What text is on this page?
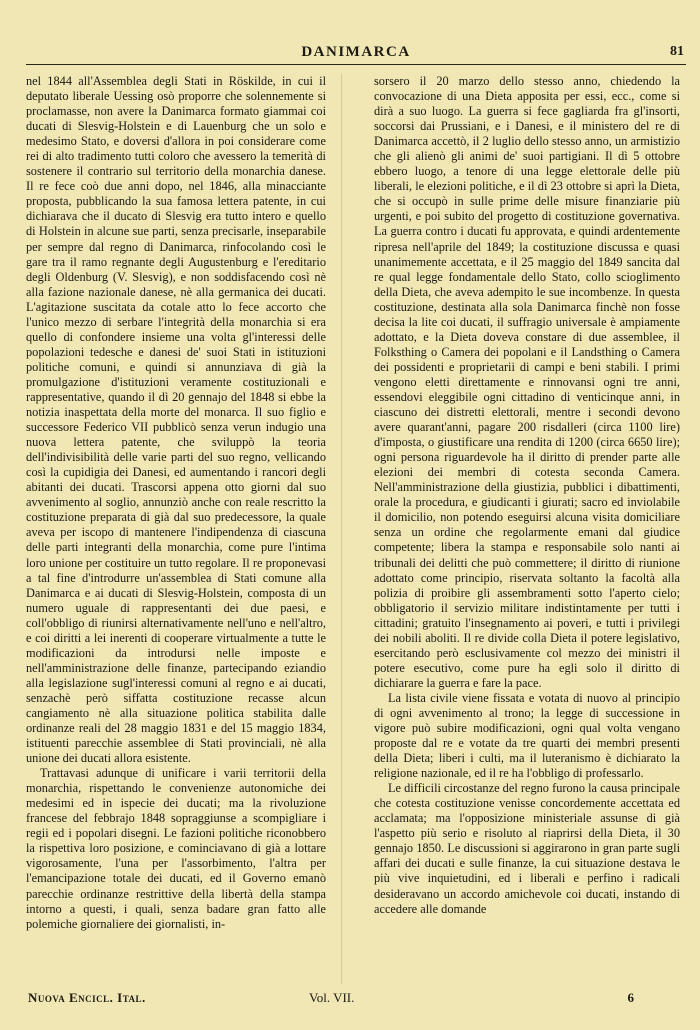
DANIMARCA	81

nel 1844 all'Assemblea degli Stati in Röskilde, in cui il deputato liberale Uessing osò proporre che solennemente si proclamasse, non avere la Danimarca formato giammai coi ducati di Slesvig-Holstein e di Lauenburg che un solo e medesimo Stato, e doversi d'allora in poi considerare come rei di alto tradimento tutti coloro che avessero la temerità di sostenere il contrario sul territorio della monarchia danese. Il re fece coò due anni dopo, nel 1846, alla minacciante proposta, pubblicando la sua famosa lettera patente, in cui dichiarava che il ducato di Slesvig era tutto intero e quello di Holstein in alcune sue parti, senza precisarle, inseparabile per sempre dal regno di Danimarca, rinfocolando così le gare tra il ramo regnante degli Augustenburg e l'ereditario degli Oldenburg (V. Slesvig), e non soddisfacendo così nè alla fazione nazionale danese, nè alla germanica dei ducati. L'agitazione suscitata da cotale atto lo fece accorto che l'unico mezzo di serbare l'integrità della monarchia si era quello di confondere insieme una volta gl'interessi delle popolazioni tedesche e danesi de' suoi Stati in istituzioni politiche comuni, e quindi si annunziava di già la promulgazione d'istituzioni veramente costituzionali e rappresentative, quando il dì 20 gennajo del 1848 si ebbe la notizia inaspettata della morte del monarca. Il suo figlio e successore Federico VII pubblicò senza verun indugio una nuova lettera patente, che sviluppò la teoria dell'indivisibilità delle varie parti del suo regno, vellicando così la cupidigia dei Danesi, ed aumentando i rancori degli abitanti dei ducati. Trascorsi appena otto giorni dal suo avvenimento al soglio, annunziò anche con reale rescritto la costituzione preparata di già dal suo predecessore, la quale aveva per iscopo di mantenere l'indipendenza di ciascuna delle parti integranti della monarchia, come pure l'intima loro unione per costituire un tutto regolare. Il re proponevasi a tal fine d'introdurre un'assemblea di Stati comune alla Danimarca e ai ducati di Slesvig-Holstein, composta di un numero uguale di rappresentanti dei due paesi, e coll'obbligo di riunirsi alternativamente nell'uno e nell'altro, e coi diritti a lei inerenti di cooperare virtualmente a tutte le modificazioni da introdursi nelle imposte e nell'amministrazione delle finanze, partecipando eziandio alla legislazione sugl'interessi comuni al regno e ai ducati, senzachè però siffatta costituzione recasse alcun cangiamento nè alla situazione politica stabilita dalle ordinanze reali del 28 maggio 1831 e del 15 maggio 1834, istituenti parecchie assemblee di Stati provinciali, nè alla unione dei ducati allora esistente.

Trattavasi adunque di unificare i varii territorii della monarchia, rispettando le convenienze autonomiche dei medesimi ed in ispecie dei ducati; ma la rivoluzione francese del febbrajo 1848 sopraggiunse a scompigliare i regii ed i popolari disegni. Le fazioni politiche riconobbero la rispettiva loro posizione, e cominciavano di già a lottare vigorosamente, l'una per l'assorbimento, l'altra per l'emancipazione totale dei ducati, ed il Governo emanò parecchie ordinanze restrittive della libertà della stampa intorno a questi, i quali, senza badare gran fatto alle polemiche giornaliere dei giornalisti, in-

sorsero il 20 marzo dello stesso anno, chiedendo la convocazione di una Dieta apposita per essi, ecc., come si dirà a suo luogo. La guerra si fece gagliarda fra gl'insorti, soccorsi dai Prussiani, e i Danesi, e il ministero del re di Danimarca accettò, il 2 luglio dello stesso anno, un armistizio che gli alienò gli animi de' suoi partigiani. Il dì 5 ottobre ebbero luogo, a tenore di una legge elettorale delle più liberali, le elezioni politiche, e il dì 23 ottobre si aprì la Dieta, che si occupò in sulle prime delle misure finanziarie più urgenti, e poi subito del progetto di costituzione governativa. La guerra contro i ducati fu approvata, e quindi ardentemente ripresa nell'aprile del 1849; la costituzione discussa e quasi unanimemente accettata, e il 25 maggio del 1849 sancita dal re qual legge fondamentale dello Stato, collo scioglimento della Dieta, che aveva adempito le sue incombenze. In questa costituzione, destinata alla sola Danimarca finchè non fosse decisa la lite coi ducati, il suffragio universale è ampiamente adottato, e la Dieta doveva constare di due assemblee, il Folksthing o Camera dei popolani e il Landsthing o Camera dei possidenti e proprietarii di campi e beni stabili. I primi vengono eletti direttamente e rinnovansi ogni tre anni, essendovi eleggibile ogni cittadino di venticinque anni, in ciascuno dei distretti elettorali, mentre i secondi devono avere quarant'anni, pagare 200 risdalleri (circa 1100 lire) d'imposta, o giustificare una rendita di 1200 (circa 6650 lire); ogni persona riguardevole ha il diritto di prender parte alle elezioni dei membri di cotesta seconda Camera. Nell'amministrazione della giustizia, pubblici i dibattimenti, orale la procedura, e giudicanti i giurati; sacro ed inviolabile il domicilio, non potendo eseguirsi alcuna visita domiciliare senza un ordine che regolarmente emani dal giudice competente; libera la stampa e responsabile solo nanti ai tribunali dei delitti che può commettere; il diritto di riunione adottato come principio, riservata soltanto la facoltà alla polizia di proibire gli assembramenti sotto l'aperto cielo; obbligatorio il servizio militare indistintamente per tutti i cittadini; gratuito l'insegnamento ai poveri, e tutti i privilegi dei nobili aboliti. Il re divide colla Dieta il potere legislativo, esercitando però esclusivamente col mezzo dei ministri il potere esecutivo, come pure ha egli solo il diritto di dichiarare la guerra e fare la pace.

La lista civile viene fissata e votata di nuovo al principio di ogni avvenimento al trono; la legge di successione in vigore può subire modificazioni, ogni qual volta vengano proposte dal re e votate da tre quarti dei membri presenti della Dieta; liberi i culti, ma il luteranismo è dichiarato la religione nazionale, ed il re ha l'obbligo di professarlo.

Le difficili circostanze del regno furono la causa principale che cotesta costituzione venisse concordemente accettata ed acclamata; ma l'opposizione ministeriale assunse di già l'aspetto più serio e risoluto al riaprirsi della Dieta, il 30 gennajo 1850. Le discussioni si aggirarono in gran parte sugli affari dei ducati e sulle finanze, la cui situazione destava le più vive inquietudini, ed i liberali e perfino i radicali desideravano un accordo amichevole coi ducati, instando di accedere alle domande

Nuova Encicl. Ital.	Vol. VII.	6
